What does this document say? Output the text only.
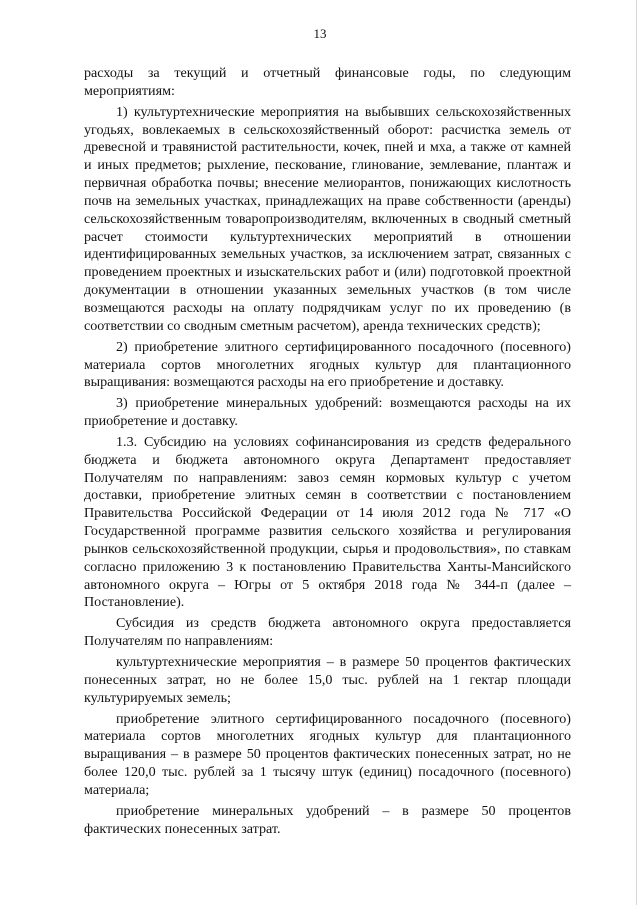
13

расходы за текущий и отчетный финансовые годы, по следующим мероприятиям:

1) культуртехнические мероприятия на выбывших сельскохозяйственных угодьях, вовлекаемых в сельскохозяйственный оборот: расчистка земель от древесной и травянистой растительности, кочек, пней и мха, а также от камней и иных предметов; рыхление, пескование, глинование, землевание, плантаж и первичная обработка почвы; внесение мелиорантов, понижающих кислотность почв на земельных участках, принадлежащих на праве собственности (аренды) сельскохозяйственным товаропроизводителям, включенных в сводный сметный расчет стоимости культуртехнических мероприятий в отношении идентифицированных земельных участков, за исключением затрат, связанных с проведением проектных и изыскательских работ и (или) подготовкой проектной документации в отношении указанных земельных участков (в том числе возмещаются расходы на оплату подрядчикам услуг по их проведению (в соответствии со сводным сметным расчетом), аренда технических средств);

2) приобретение элитного сертифицированного посадочного (посевного) материала сортов многолетних ягодных культур для плантационного выращивания: возмещаются расходы на его приобретение и доставку.

3) приобретение минеральных удобрений: возмещаются расходы на их приобретение и доставку.

1.3. Субсидию на условиях софинансирования из средств федерального бюджета и бюджета автономного округа Департамент предоставляет Получателям по направлениям: завоз семян кормовых культур с учетом доставки, приобретение элитных семян в соответствии с постановлением Правительства Российской Федерации от 14 июля 2012 года № 717 «О Государственной программе развития сельского хозяйства и регулирования рынков сельскохозяйственной продукции, сырья и продовольствия», по ставкам согласно приложению 3 к постановлению Правительства Ханты-Мансийского автономного округа – Югры от 5 октября 2018 года № 344-п (далее – Постановление).

Субсидия из средств бюджета автономного округа предоставляется Получателям по направлениям:

культуртехнические мероприятия – в размере 50 процентов фактических понесенных затрат, но не более 15,0 тыс. рублей на 1 гектар площади культурируемых земель;

приобретение элитного сертифицированного посадочного (посевного) материала сортов многолетних ягодных культур для плантационного выращивания – в размере 50 процентов фактических понесенных затрат, но не более 120,0 тыс. рублей за 1 тысячу штук (единиц) посадочного (посевного) материала;

приобретение минеральных удобрений – в размере 50 процентов фактических понесенных затрат.
